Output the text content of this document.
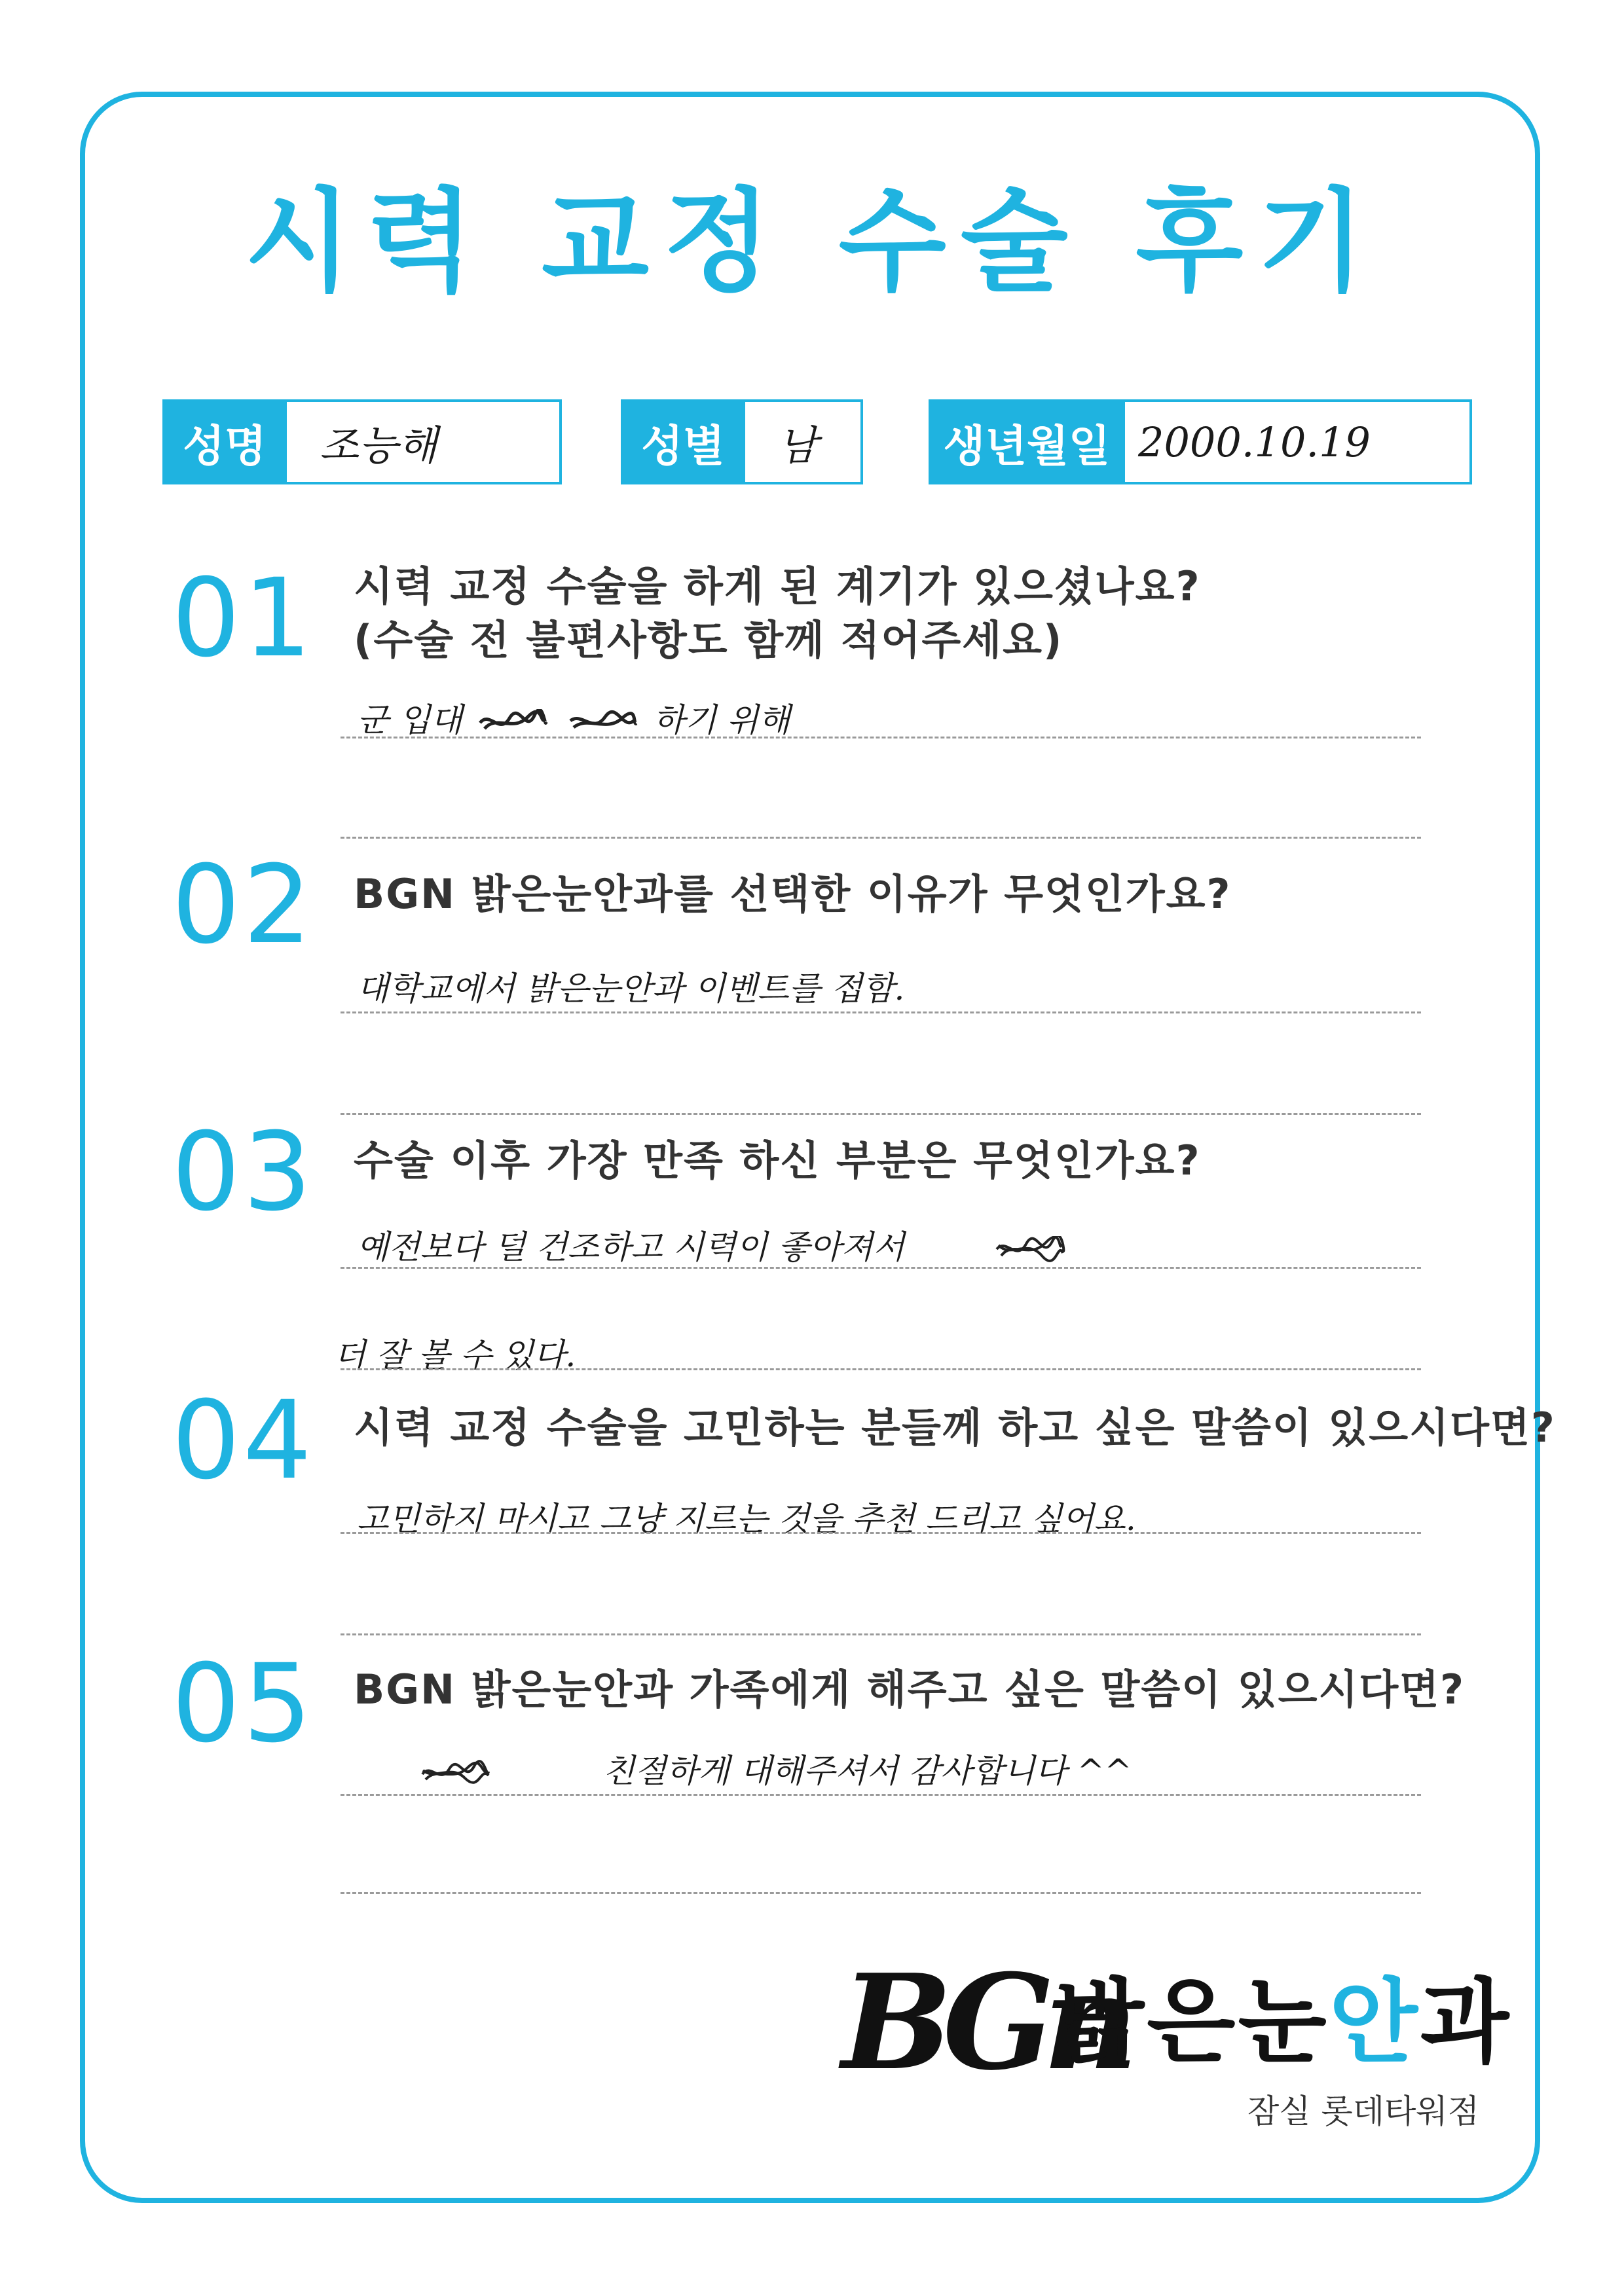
시력 교정 수술 후기
성명	조능해	성별	남	생년월일 2000.10.19
01 시력 교정 수술을 하게 된 계기가 있으셨나요?
(수술 전 불편사항도 함께 적어주세요)
군 입대	하기 위해
02 BGN 밝은눈안과를 선택한 이유가 무엇인가요?
대학교에서 밝은눈안과 이벤트를 접함.
03 수술 이후 가장 만족 하신 부분은 무엇인가요?
예전보다 덜 건조하고 시력이 좋아져서
더 잘 볼 수 있다.
04 시력 교정 수술을 고민하는 분들께 하고 싶은 말씀이 있으시다면?
고민하지 마시고 그냥 지르는 것을 추천 드리고 싶어요.
05 BGN 밝은눈안과 가족에게 해주고 싶은 말씀이 있으시다면?
친절하게 대해주셔서 감사합니다 ^^
BGn
밝은눈안과
잠실 롯데타워점
